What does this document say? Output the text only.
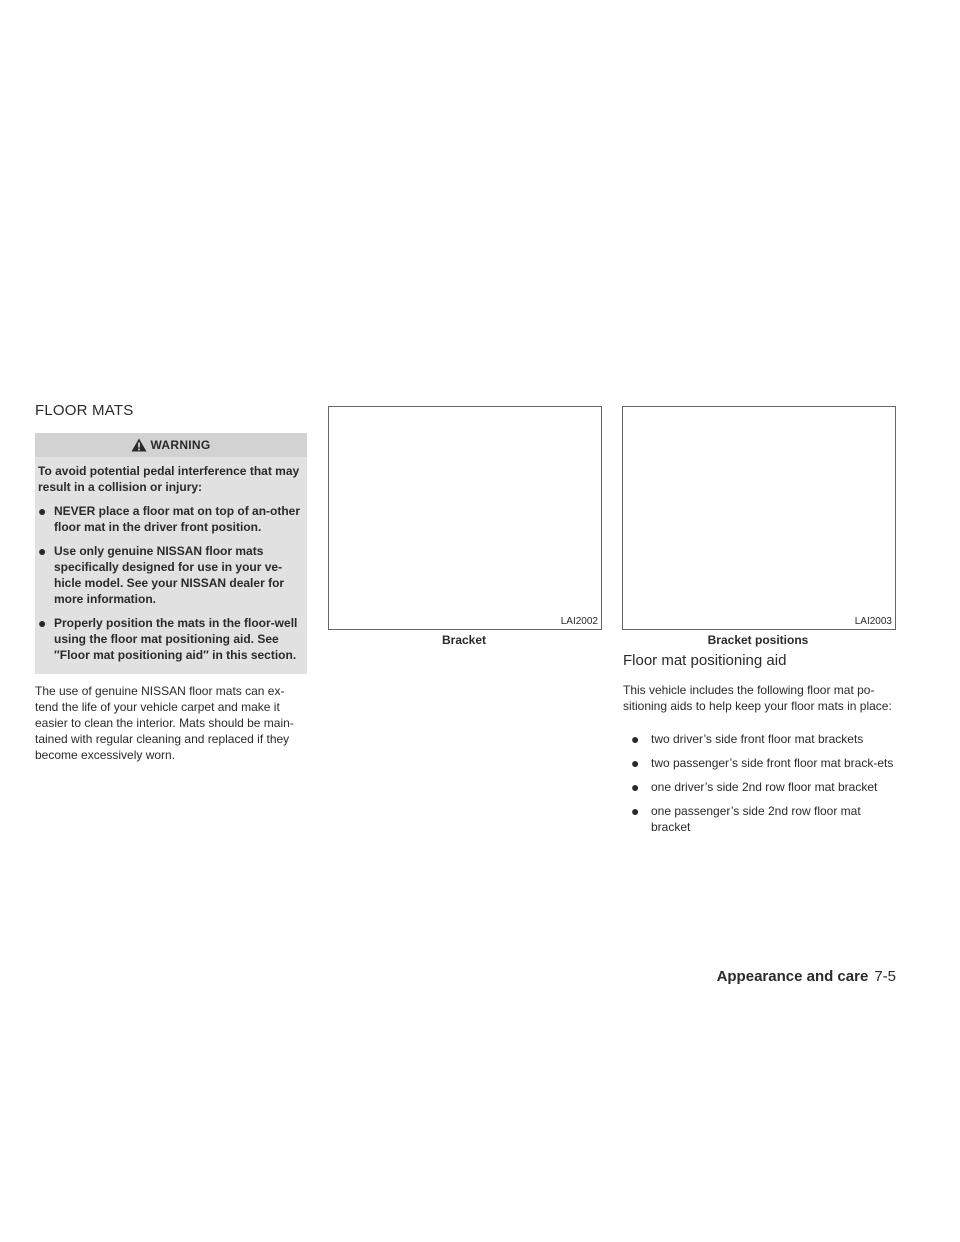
FLOOR MATS
WARNING

To avoid potential pedal interference that may result in a collision or injury:

● NEVER place a floor mat on top of an-other floor mat in the driver front position.

● Use only genuine NISSAN floor mats specifically designed for use in your ve-hicle model. See your NISSAN dealer for more information.

● Properly position the mats in the floor-well using the floor mat positioning aid. See ″Floor mat positioning aid″ in this section.

The use of genuine NISSAN floor mats can ex-tend the life of your vehicle carpet and make it easier to clean the interior. Mats should be main-tained with regular cleaning and replaced if they become excessively worn.
LAI2002
Bracket
LAI2003
Bracket positions
Floor mat positioning aid
This vehicle includes the following floor mat po-sitioning aids to help keep your floor mats in place:

● two driver’s side front floor mat brackets

● two passenger’s side front floor mat brack-ets

● one driver’s side 2nd row floor mat bracket

● one passenger’s side 2nd row floor mat bracket

Appearance and care 7-5
